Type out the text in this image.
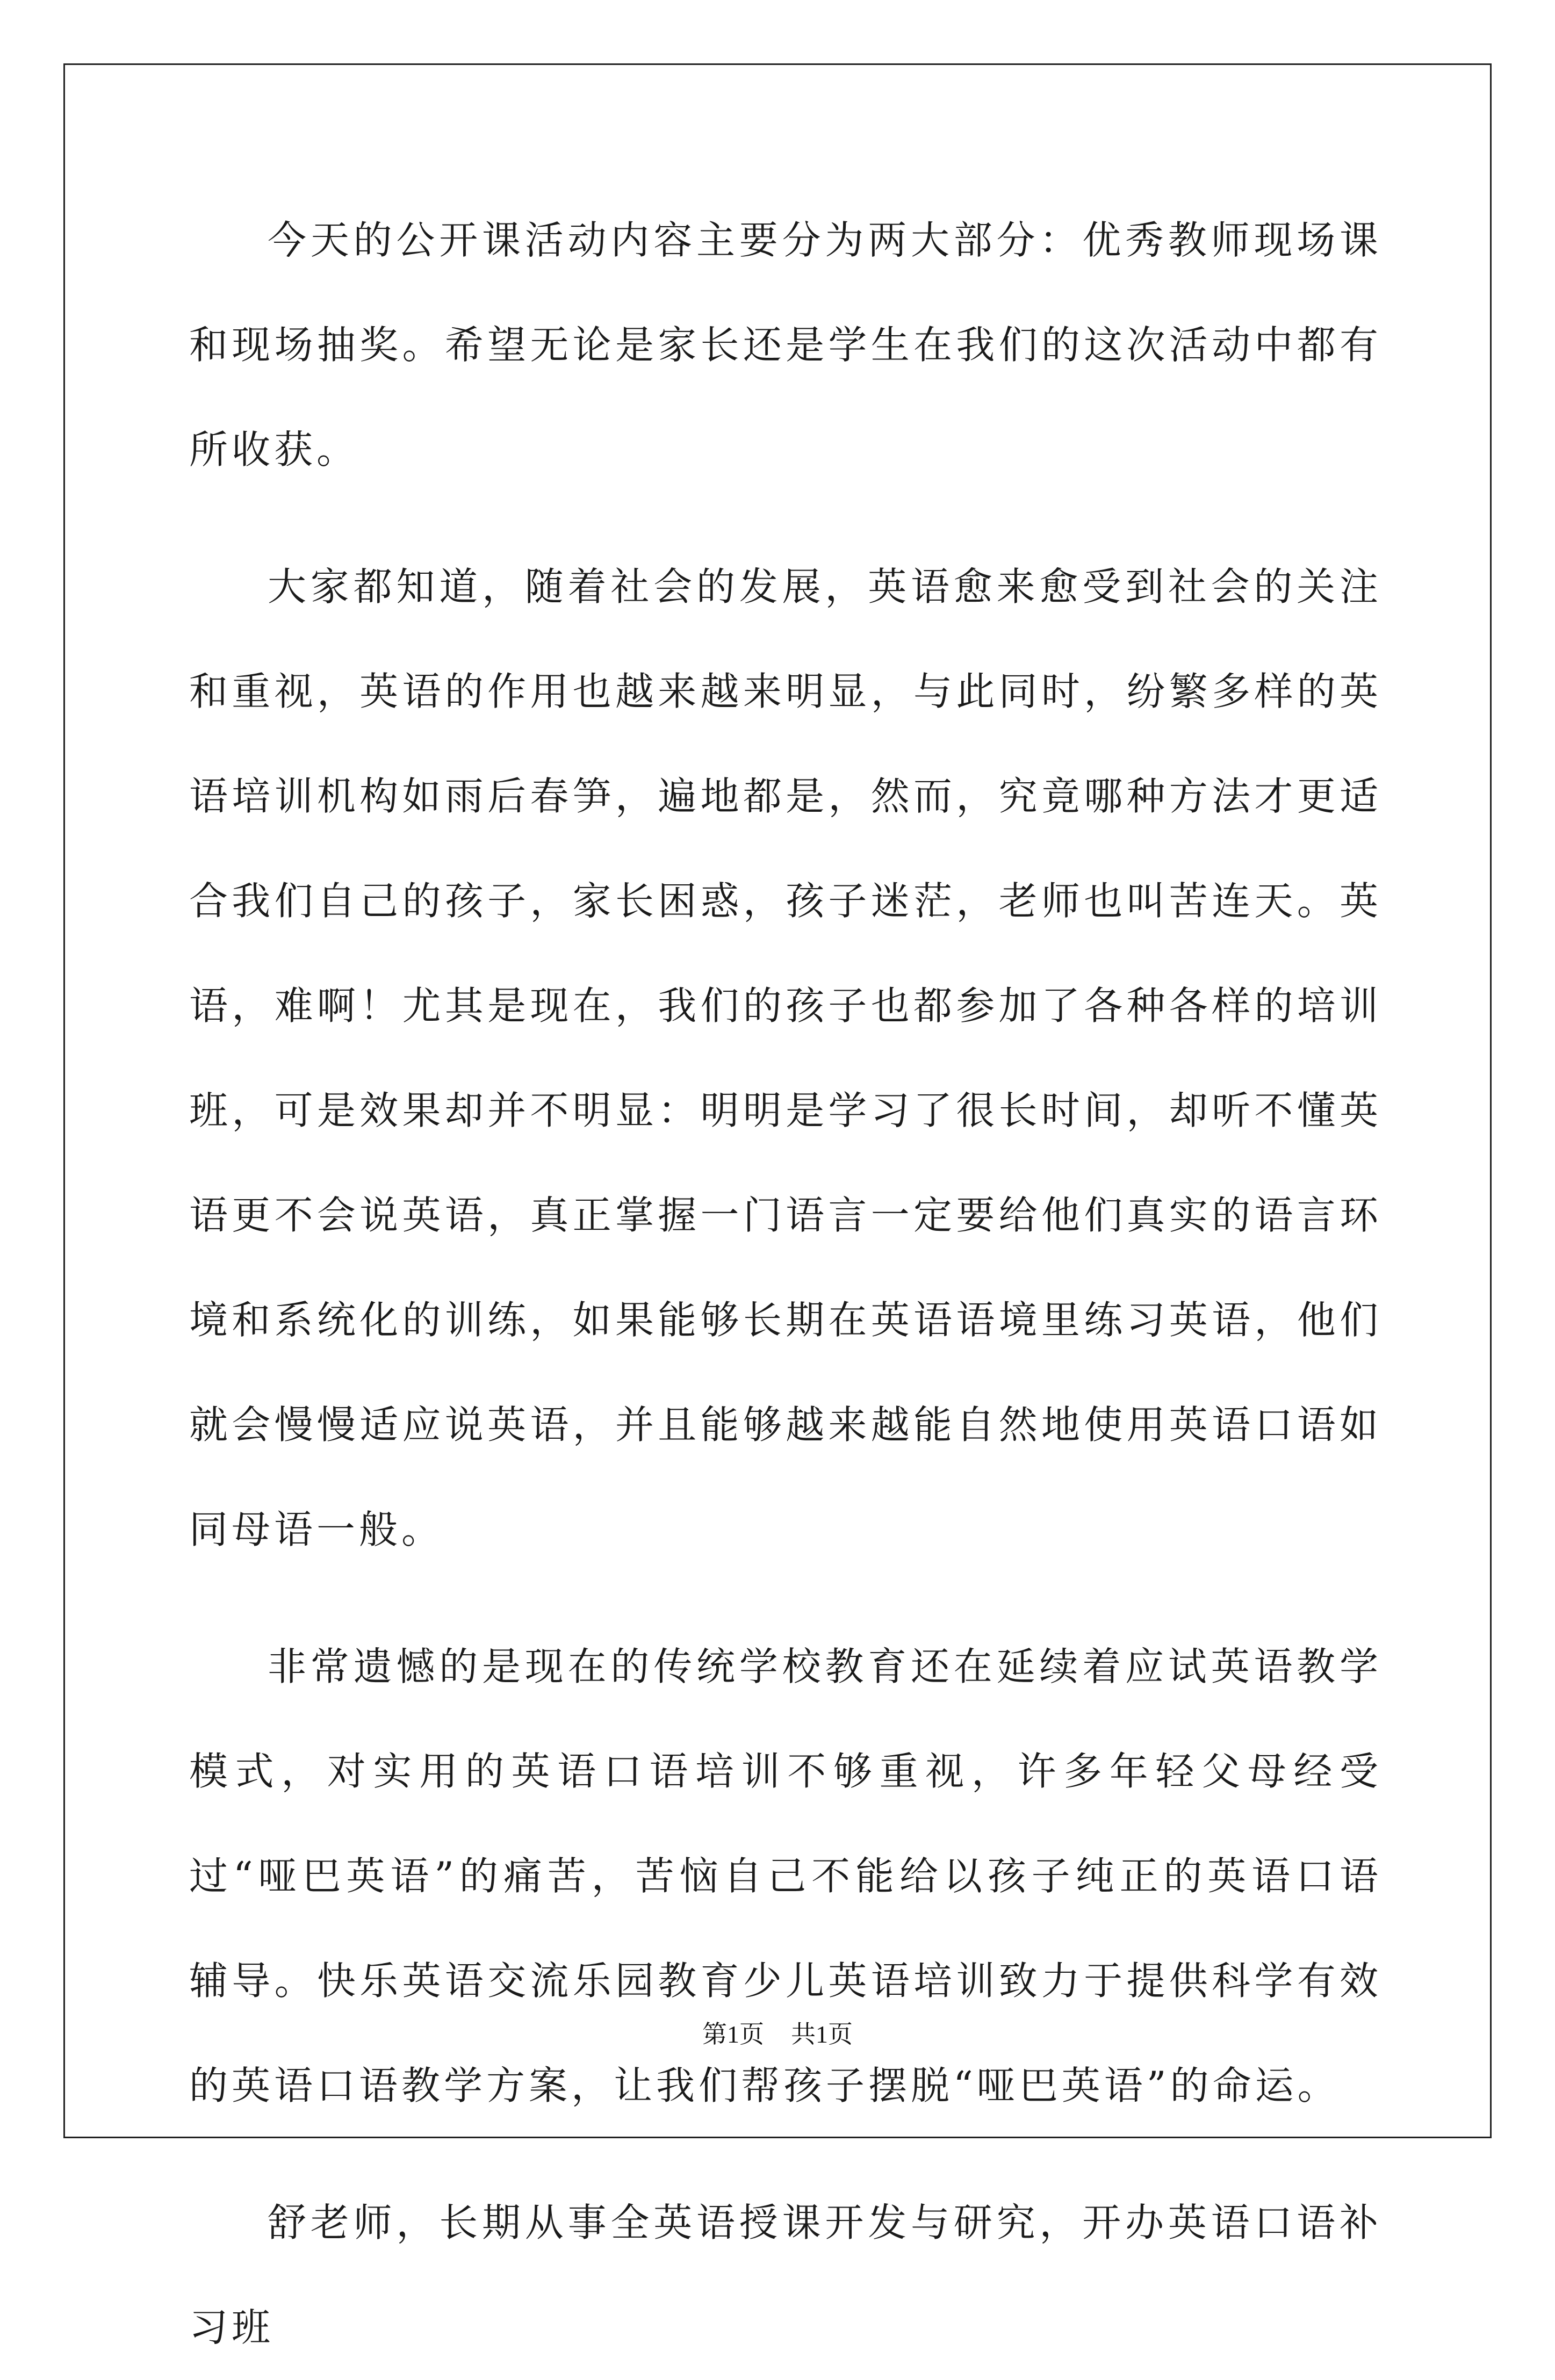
今天的公开课活动内容主要分为两大部分：优秀教师现场课和现场抽奖。希望无论是家长还是学生在我们的这次活动中都有所收获。

大家都知道，随着社会的发展，英语愈来愈受到社会的关注和重视，英语的作用也越来越来明显，与此同时，纷繁多样的英语培训机构如雨后春笋，遍地都是，然而，究竟哪种方法才更适合我们自己的孩子，家长困惑，孩子迷茫，老师也叫苦连天。英语，难啊！尤其是现在，我们的孩子也都参加了各种各样的培训班，可是效果却并不明显：明明是学习了很长时间，却听不懂英语更不会说英语，真正掌握一门语言一定要给他们真实的语言环境和系统化的训练，如果能够长期在英语语境里练习英语，他们就会慢慢适应说英语，并且能够越来越能自然地使用英语口语如同母语一般。

非常遗憾的是现在的传统学校教育还在延续着应试英语教学模式，对实用的英语口语培训不够重视，许多年轻父母经受过“哑巴英语”的痛苦，苦恼自己不能给以孩子纯正的英语口语辅导。快乐英语交流乐园教育少儿英语培训致力于提供科学有效的英语口语教学方案，让我们帮孩子摆脱“哑巴英语”的命运。

舒老师，长期从事全英语授课开发与研究，开办英语口语补习班

第1页 共1页
